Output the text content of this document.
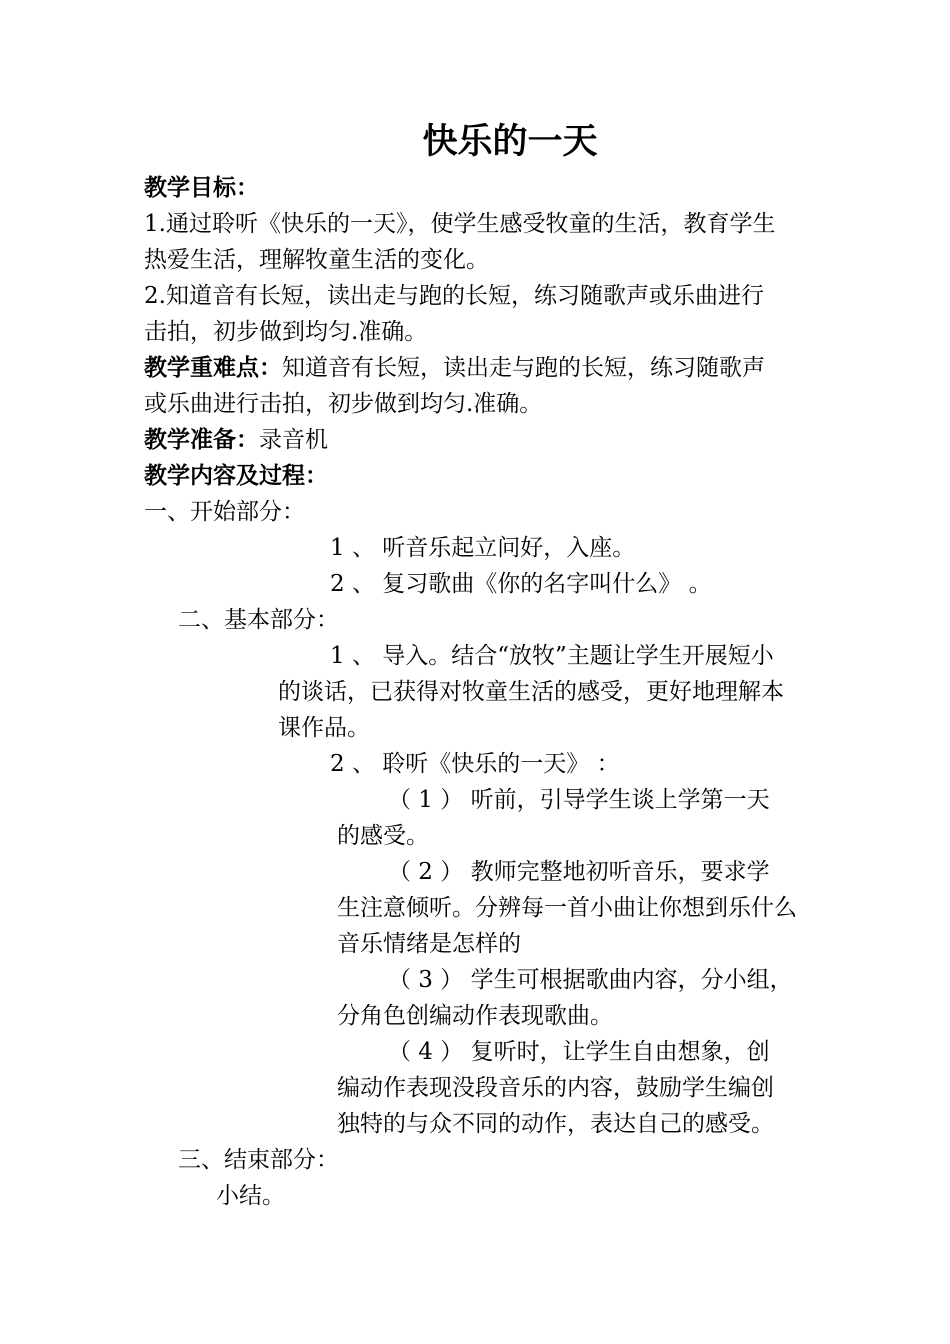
快乐的一天
教学目标：
1.通过聆听《快乐的一天》，使学生感受牧童的生活，教育学生
热爱生活，理解牧童生活的变化。
2.知道音有长短，读出走与跑的长短，练习随歌声或乐曲进行
击拍，初步做到均匀.准确。
教学重难点：知道音有长短，读出走与跑的长短，练习随歌声
或乐曲进行击拍，初步做到均匀.准确。
教学准备：录音机
教学内容及过程：
一、开始部分：
1 、 听音乐起立问好，入座。
2 、 复习歌曲《你的名字叫什么》 。
二、基本部分：
1 、 导入。结合“放牧”主题让学生开展短小
的谈话，已获得对牧童生活的感受，更好地理解本
课作品。
2 、 聆听《快乐的一天》 ：
（ 1 ） 听前，引导学生谈上学第一天
的感受。
（ 2 ） 教师完整地初听音乐，要求学
生注意倾听。分辨每一首小曲让你想到乐什么
音乐情绪是怎样的
（ 3 ） 学生可根据歌曲内容，分小组，
分角色创编动作表现歌曲。
（ 4 ） 复听时，让学生自由想象，创
编动作表现没段音乐的内容，鼓励学生编创
独特的与众不同的动作，表达自己的感受。
三、结束部分：
小结。
